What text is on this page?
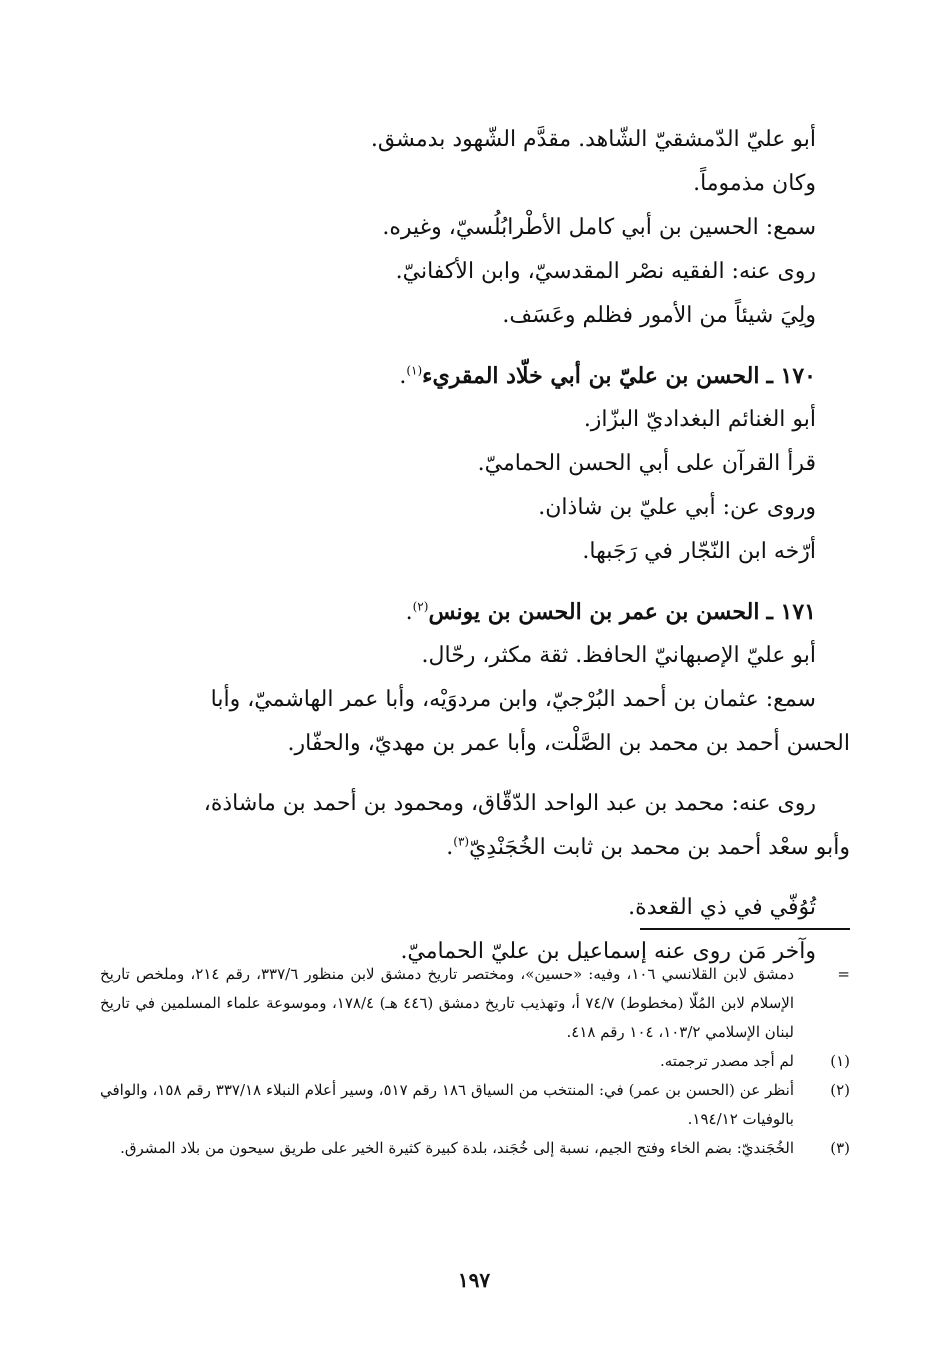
أبو عليّ الدّمشقيّ الشّاهد. مقدَّم الشّهود بدمشق.
وكان مذموماً.
سمع: الحسين بن أبي كامل الأطْرابُلُسيّ، وغيره.
روى عنه: الفقيه نصْر المقدسيّ، وابن الأكفانيّ.
ولِيَ شيئاً من الأمور فظلم وعَسَف.
١٧٠ ـ الحسن بن عليّ بن أبي خلّاد المقريء$^{(١)}$.
أبو الغنائم البغداديّ البزّاز.
قرأ القرآن على أبي الحسن الحماميّ.
وروى عن: أبي عليّ بن شاذان.
أرّخه ابن النّجّار في رَجَبها.
١٧١ ـ الحسن بن عمر بن الحسن بن يونس$^{(٢)}$.
أبو عليّ الإصبهانيّ الحافظ. ثقة مكثر، رحّال.
سمع: عثمان بن أحمد البُرْجيّ، وابن مردوَيْه، وأبا عمر الهاشميّ، وأبا
الحسن أحمد بن محمد بن الصَّلْت، وأبا عمر بن مهديّ، والحفّار.
روى عنه: محمد بن عبد الواحد الدّقّاق، ومحمود بن أحمد بن ماشاذة،
وأبو سعْد أحمد بن محمد بن ثابت الخُجَنْدِيّ$^{(٣)}$.
تُوُفّي في ذي القعدة.
وآخر مَن روى عنه إسماعيل بن عليّ الحماميّ.
=
دمشق لابن القلانسي ١٠٦، وفيه: «حسين»، ومختصر تاريخ دمشق لابن منظور ٣٣٧/٦، رقم ٢١٤، وملخص تاريخ الإسلام لابن المُلّا (مخطوط) ٧٤/٧ أ، وتهذيب تاريخ دمشق (٤٤٦ هـ) ١٧٨/٤، وموسوعة علماء المسلمين في تاريخ لبنان الإسلامي ١٠٣/٢، ١٠٤ رقم ٤١٨.
(١)
لم أجد مصدر ترجمته.
(٢)
أنظر عن (الحسن بن عمر) في: المنتخب من السياق ١٨٦ رقم ٥١٧، وسير أعلام النبلاء ٣٣٧/١٨ رقم ١٥٨، والوافي بالوفيات ١٩٤/١٢.
(٣)
الخُجَنديّ: بضم الخاء وفتح الجيم، نسبة إلى خُجَند، بلدة كبيرة كثيرة الخير على طريق سيحون من بلاد المشرق.
١٩٧
